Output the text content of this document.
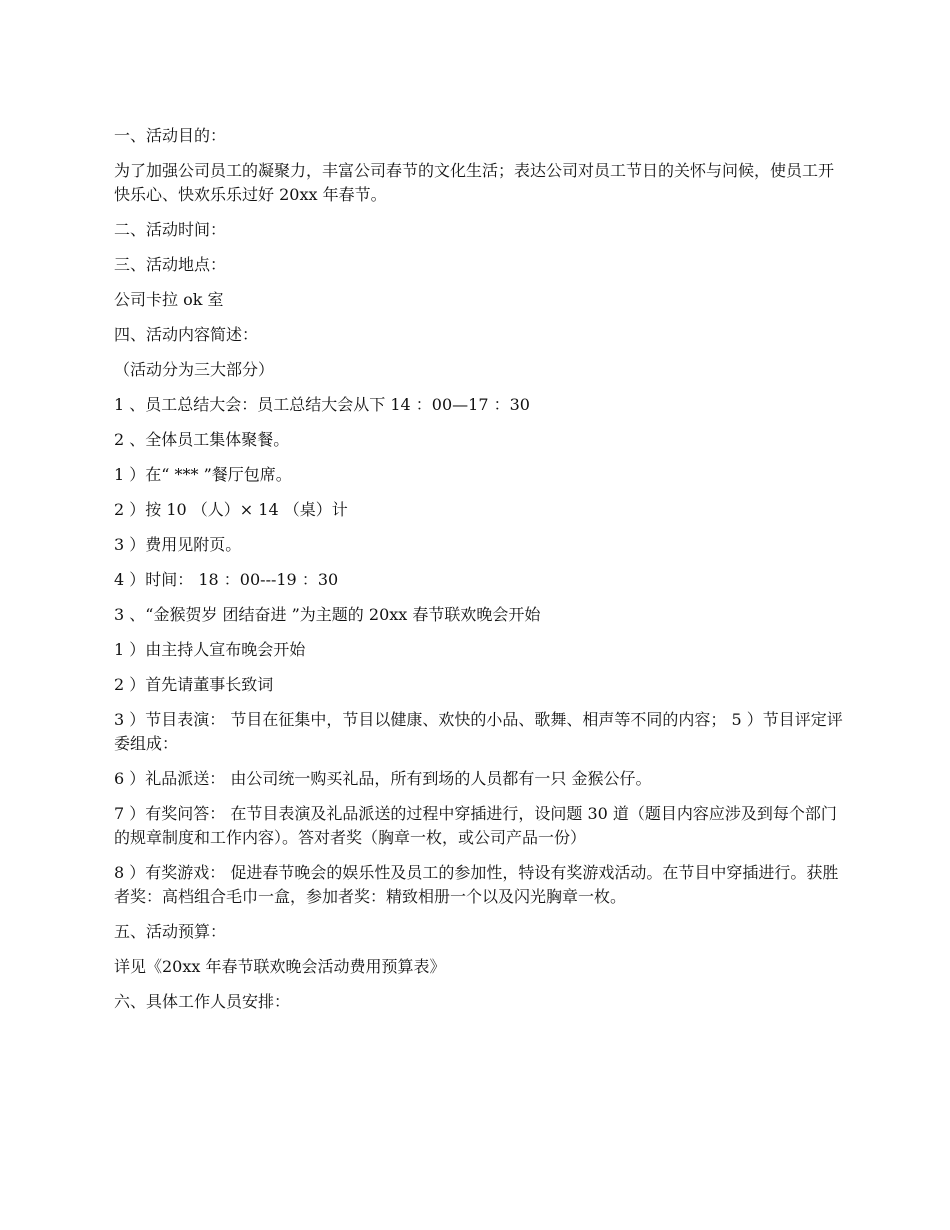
一、活动目的：

为了加强公司员工的凝聚力，丰富公司春节的文化生活；表达公司对员工节日的关怀与问候，使员工开快乐心、快欢乐乐过好 20xx 年春节。

二、活动时间：

三、活动地点：

公司卡拉 ok 室

四、活动内容简述：

（活动分为三大部分）

1 、员工总结大会：员工总结大会从下 14 ：00—17 ：30

2 、全体员工集体聚餐。

1 ）在“ *** ”餐厅包席。

2 ）按 10 （人）× 14 （桌）计

3 ）费用见附页。

4 ）时间： 18 ：00---19 ：30

3 、“金猴贺岁 团结奋进 ”为主题的 20xx 春节联欢晚会开始

1 ）由主持人宣布晚会开始

2 ）首先请董事长致词

3 ）节目表演： 节目在征集中，节目以健康、欢快的小品、歌舞、相声等不同的内容； 5 ）节目评定评委组成：

6 ）礼品派送： 由公司统一购买礼品，所有到场的人员都有一只 金猴公仔。

7 ）有奖问答： 在节目表演及礼品派送的过程中穿插进行，设问题 30 道（题目内容应涉及到每个部门的规章制度和工作内容）。答对者奖（胸章一枚，或公司产品一份）

8 ）有奖游戏： 促进春节晚会的娱乐性及员工的参加性，特设有奖游戏活动。在节目中穿插进行。获胜者奖：高档组合毛巾一盒，参加者奖：精致相册一个以及闪光胸章一枚。

五、活动预算：

详见《20xx 年春节联欢晚会活动费用预算表》

六、具体工作人员安排：
